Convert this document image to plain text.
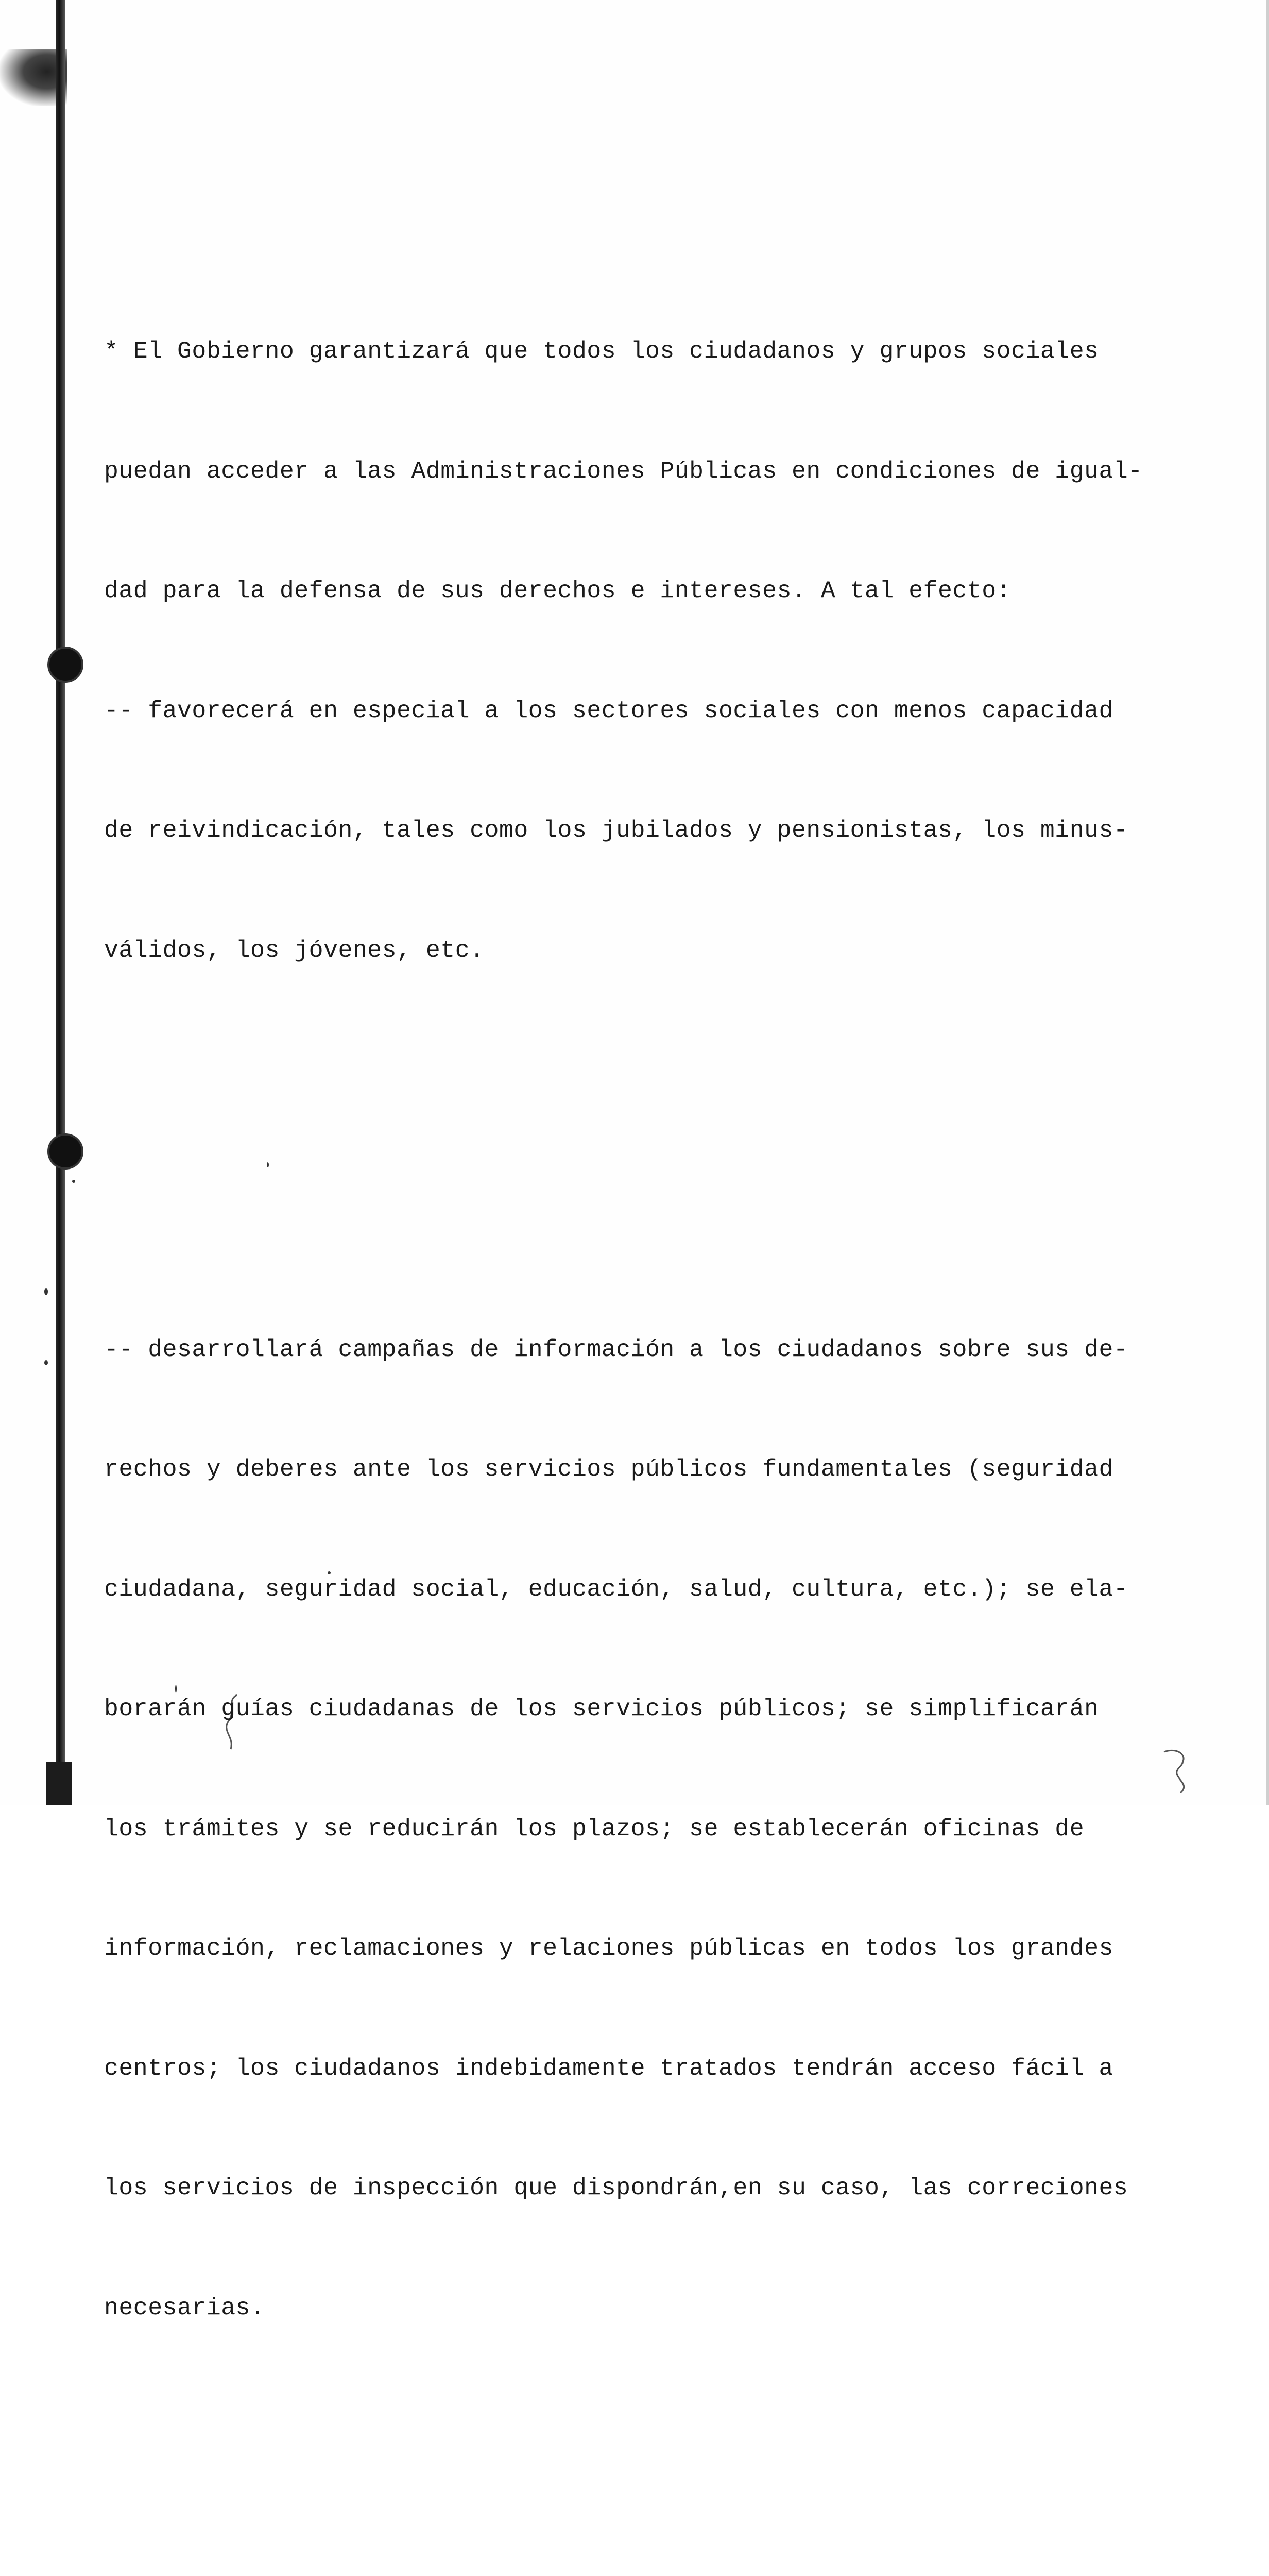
* El Gobierno garantizará que todos los ciudadanos y grupos sociales

puedan acceder a las Administraciones Públicas en condiciones de igual-

dad para la defensa de sus derechos e intereses. A tal efecto:

-- favorecerá en especial a los sectores sociales con menos capacidad

de reivindicación, tales como los jubilados y pensionistas, los minus-

válidos, los jóvenes, etc.

-- desarrollará campañas de información a los ciudadanos sobre sus de-

rechos y deberes ante los servicios públicos fundamentales (seguridad

ciudadana, seguridad social, educación, salud, cultura, etc.); se ela-

borarán guías ciudadanas de los servicios públicos; se simplificarán

los trámites y se reducirán los plazos; se establecerán oficinas de

información, reclamaciones y relaciones públicas en todos los grandes

centros; los ciudadanos indebidamente tratados tendrán acceso fácil a

los servicios de inspección que dispondrán,en su caso, las correciones

necesarias.
